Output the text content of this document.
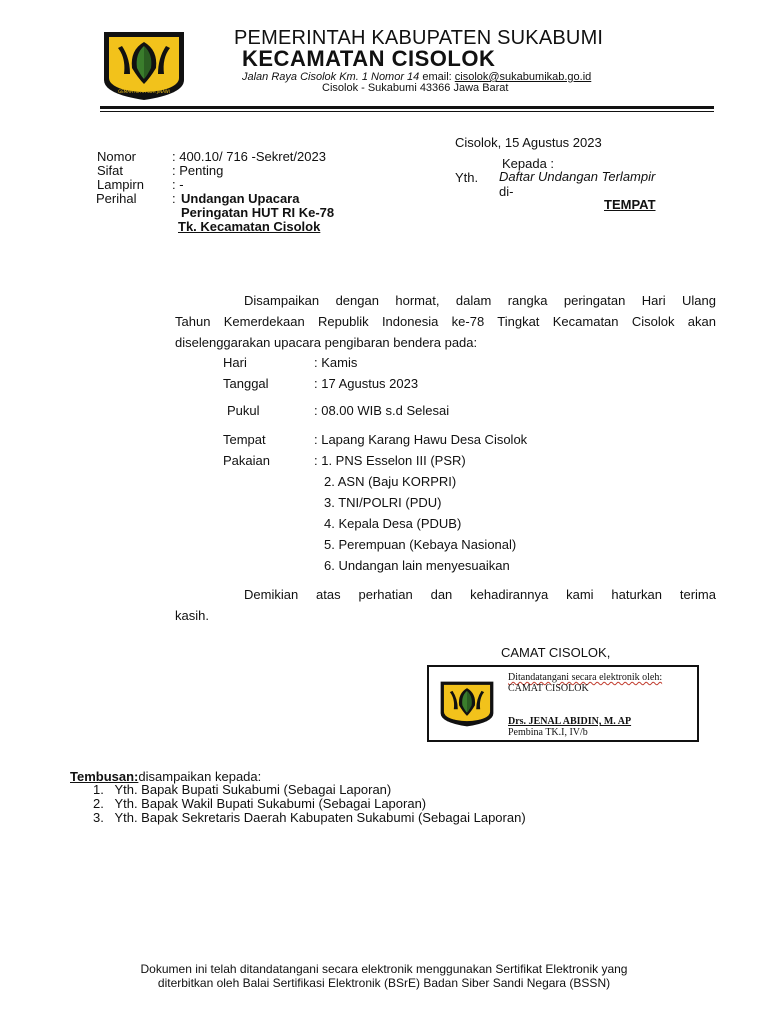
GEMAH RIPAH LOH JINAWI
PEMERINTAH KABUPATEN SUKABUMI
KECAMATAN CISOLOK
Jalan Raya Cisolok Km. 1 Nomor 14 email: cisolok@sukabumikab.go.id
Cisolok - Sukabumi 43366 Jawa Barat
Cisolok, 15 Agustus 2023
Kepada :
Yth. Daftar Undangan Terlampir
di-
TEMPAT
Nomor	: 400.10/ 716 -Sekret/2023
Sifat	: Penting
Lampirn : -
Perihal	: Undangan Upacara
Peringatan HUT RI Ke-78
Tk. Kecamatan Cisolok
Disampaikan dengan hormat, dalam rangka peringatan Hari Ulang
Tahun Kemerdekaan Republik Indonesia ke-78 Tingkat Kecamatan Cisolok akan
diselenggarakan upacara pengibaran bendera pada:
Hari	: Kamis
Tanggal	: 17 Agustus 2023
Pukul	: 08.00 WIB s.d Selesai
Tempat	: Lapang Karang Hawu Desa Cisolok
Pakaian	: 1. PNS Esselon III (PSR)
2. ASN (Baju KORPRI)
3. TNI/POLRI (PDU)
4. Kepala Desa (PDUB)
5. Perempuan (Kebaya Nasional)
6. Undangan lain menyesuaikan
Demikian atas perhatian dan kehadirannya kami haturkan terima
kasih.
CAMAT CISOLOK,
Ditandatangani secara elektronik oleh:
CAMAT CISOLOK
Drs. JENAL ABIDIN, M. AP
Pembina TK.I, IV/b
Tembusan:disampaikan kepada:
1.   Yth. Bapak Bupati Sukabumi (Sebagai Laporan)
2.   Yth. Bapak Wakil Bupati Sukabumi (Sebagai Laporan)
3.   Yth. Bapak Sekretaris Daerah Kabupaten Sukabumi (Sebagai Laporan)
Dokumen ini telah ditandatangani secara elektronik menggunakan Sertifikat Elektronik yang
diterbitkan oleh Balai Sertifikasi Elektronik (BSrE) Badan Siber Sandi Negara (BSSN)
